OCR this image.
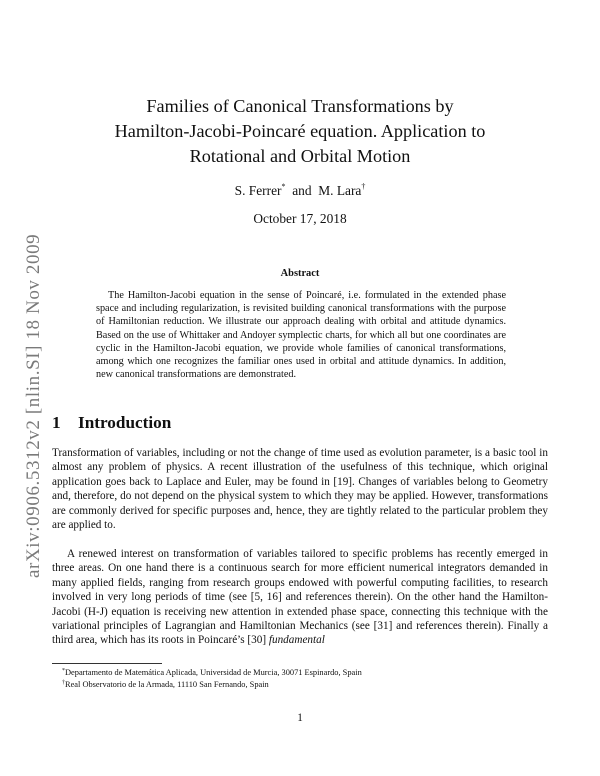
arXiv:0906.5312v2 [nlin.SI] 18 Nov 2009
Families of Canonical Transformations by
Hamilton-Jacobi-Poincaré equation. Application to
Rotational and Orbital Motion
S. Ferrer* and M. Lara†
October 17, 2018
Abstract
The Hamilton-Jacobi equation in the sense of Poincaré, i.e. formulated in the extended phase space and including regularization, is revisited building canonical transformations with the purpose of Hamiltonian reduction. We illustrate our approach dealing with orbital and attitude dynamics. Based on the use of Whittaker and Andoyer symplectic charts, for which all but one coordinates are cyclic in the Hamilton-Jacobi equation, we provide whole families of canonical transformations, among which one recognizes the familiar ones used in orbital and attitude dynamics. In addition, new canonical transformations are demonstrated.
1 Introduction
Transformation of variables, including or not the change of time used as evolution parameter, is a basic tool in almost any problem of physics. A recent illustration of the usefulness of this technique, which original application goes back to Laplace and Euler, may be found in [19]. Changes of variables belong to Geometry and, therefore, do not depend on the physical system to which they may be applied. However, transformations are commonly derived for specific purposes and, hence, they are tightly related to the particular problem they are applied to.
A renewed interest on transformation of variables tailored to specific problems has recently emerged in three areas. On one hand there is a continuous search for more efficient numerical integrators demanded in many applied fields, ranging from research groups endowed with powerful computing facilities, to research involved in very long periods of time (see [5, 16] and references therein). On the other hand the Hamilton-Jacobi (H-J) equation is receiving new attention in extended phase space, connecting this technique with the variational principles of Lagrangian and Hamiltonian Mechanics (see [31] and references therein). Finally a third area, which has its roots in Poincaré’s [30] fundamental
*Departamento de Matemática Aplicada, Universidad de Murcia, 30071 Espinardo, Spain
†Real Observatorio de la Armada, 11110 San Fernando, Spain
1
